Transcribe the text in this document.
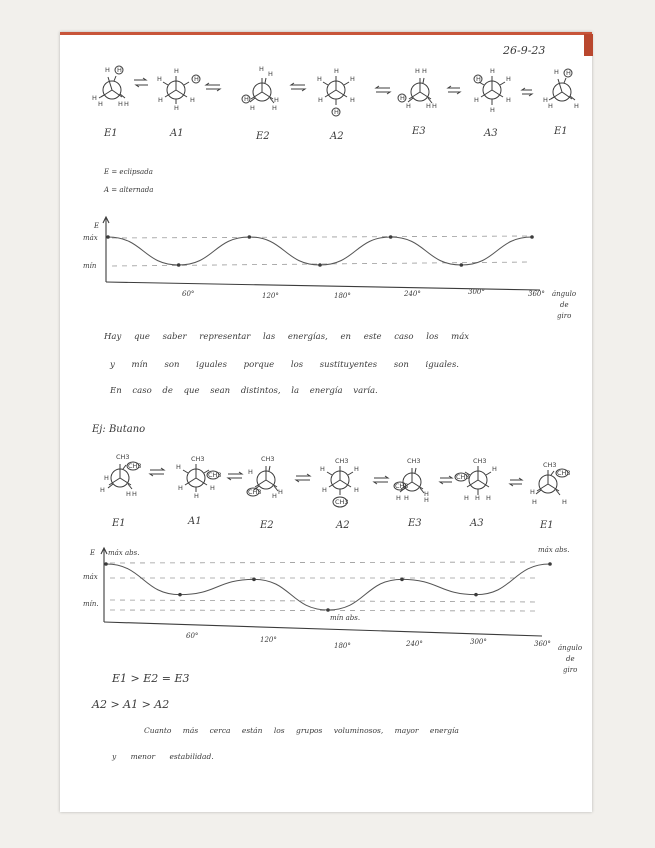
26-9-23
H H
H
H	H
H
H
H	H
H	H
H
H
H
H
H
H
H
H
H	H
H	H
H
H H
H
H	H
H
H
H
H
H	H
H
H H
H
H	H
E1	A1	E2	A2	E3	A3	E1
E = eclipsada
A = alternada
E
máx
mín
60°	120°	180°	240°	300°	360° ángulo
de
giro
Hay que saber representar las energías, en este caso los máx
y mín son iguales porque los sustituyentes son iguales.
En caso de que sean distintos, la energía varía.
Ej: Butano
CH3
CH3
H
H	H
H
CH3
H
CH3
H	H
H
CH3
H
CH3	H
H
CH3
H	H
H	H
CH3
CH3
CH3
H H H
H
CH3
CH3
H
H H H
CH3
CH3
H	H
H
E1	A1	E2	A2	E3	A3	E1
E máx abs.
máx
mín.
mín abs.
máx abs.
60°	120°
180°	240°	300°	360° ángulo
de
giro
E1 > E2 = E3
A2 > A1 > A2
Cuanto más cerca están los grupos voluminosos, mayor energía
y menor estabilidad.
